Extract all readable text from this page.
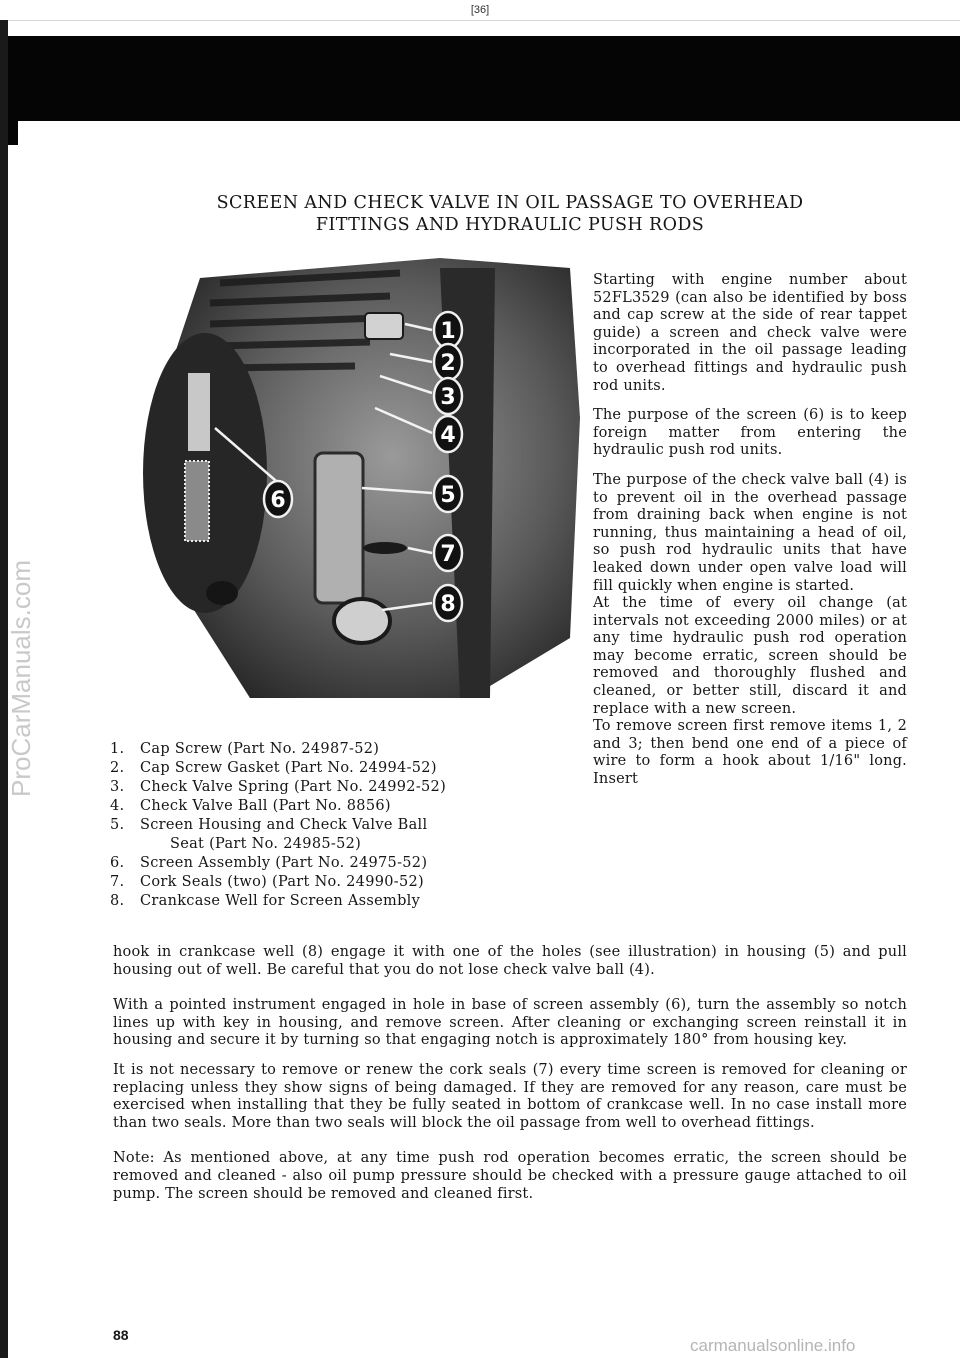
[36]
ProCarManuals.com
SCREEN AND CHECK VALVE IN OIL PASSAGE TO OVERHEAD
FITTINGS AND HYDRAULIC PUSH RODS
1
2
3
4
5
6
7
8
1.	Cap Screw (Part No. 24987-52)
2.	Cap Screw Gasket (Part No. 24994-52)
3.	Check Valve Spring (Part No. 24992-52)
4.	Check Valve Ball (Part No. 8856)
5.	Screen Housing and Check Valve Ball
Seat (Part No. 24985-52)
6.	Screen Assembly (Part No. 24975-52)
7.	Cork Seals (two) (Part No. 24990-52)
8.	Crankcase Well for Screen Assembly

Starting with engine number about 52FL3529 (can also be identified by boss and cap screw at the side of rear tappet guide) a screen and check valve were incorporated in the oil passage leading to overhead fittings and hydraulic push rod units.

The purpose of the screen (6) is to keep foreign matter from entering the hydraulic push rod units.

The purpose of the check valve ball (4) is to prevent oil in the overhead passage from draining back when engine is not running, thus maintaining a head of oil, so push rod hydraulic units that have leaked down under open valve load will fill quickly when engine is started.

At the time of every oil change (at intervals not exceeding 2000 miles) or at any time hydraulic push rod operation may become erratic, screen should be removed and thoroughly flushed and cleaned, or better still, discard it and replace with a new screen.

To remove screen first remove items 1, 2 and 3; then bend one end of a piece of wire to form a hook about 1/16" long. Insert

hook in crankcase well (8) engage it with one of the holes (see illustration) in housing (5) and pull housing out of well. Be careful that you do not lose check valve ball (4).

With a pointed instrument engaged in hole in base of screen assembly (6), turn the assembly so notch lines up with key in housing, and remove screen. After cleaning or exchanging screen reinstall it in housing and secure it by turning so that engaging notch is approximately 180° from housing key.

It is not necessary to remove or renew the cork seals (7) every time screen is removed for cleaning or replacing unless they show signs of being damaged. If they are removed for any reason, care must be exercised when installing that they be fully seated in bottom of crankcase well. In no case install more than two seals. More than two seals will block the oil passage from well to overhead fittings.

Note: As mentioned above, at any time push rod operation becomes erratic, the screen should be removed and cleaned - also oil pump pressure should be checked with a pressure gauge attached to oil pump. The screen should be removed and cleaned first.

88
carmanualsonline.info
